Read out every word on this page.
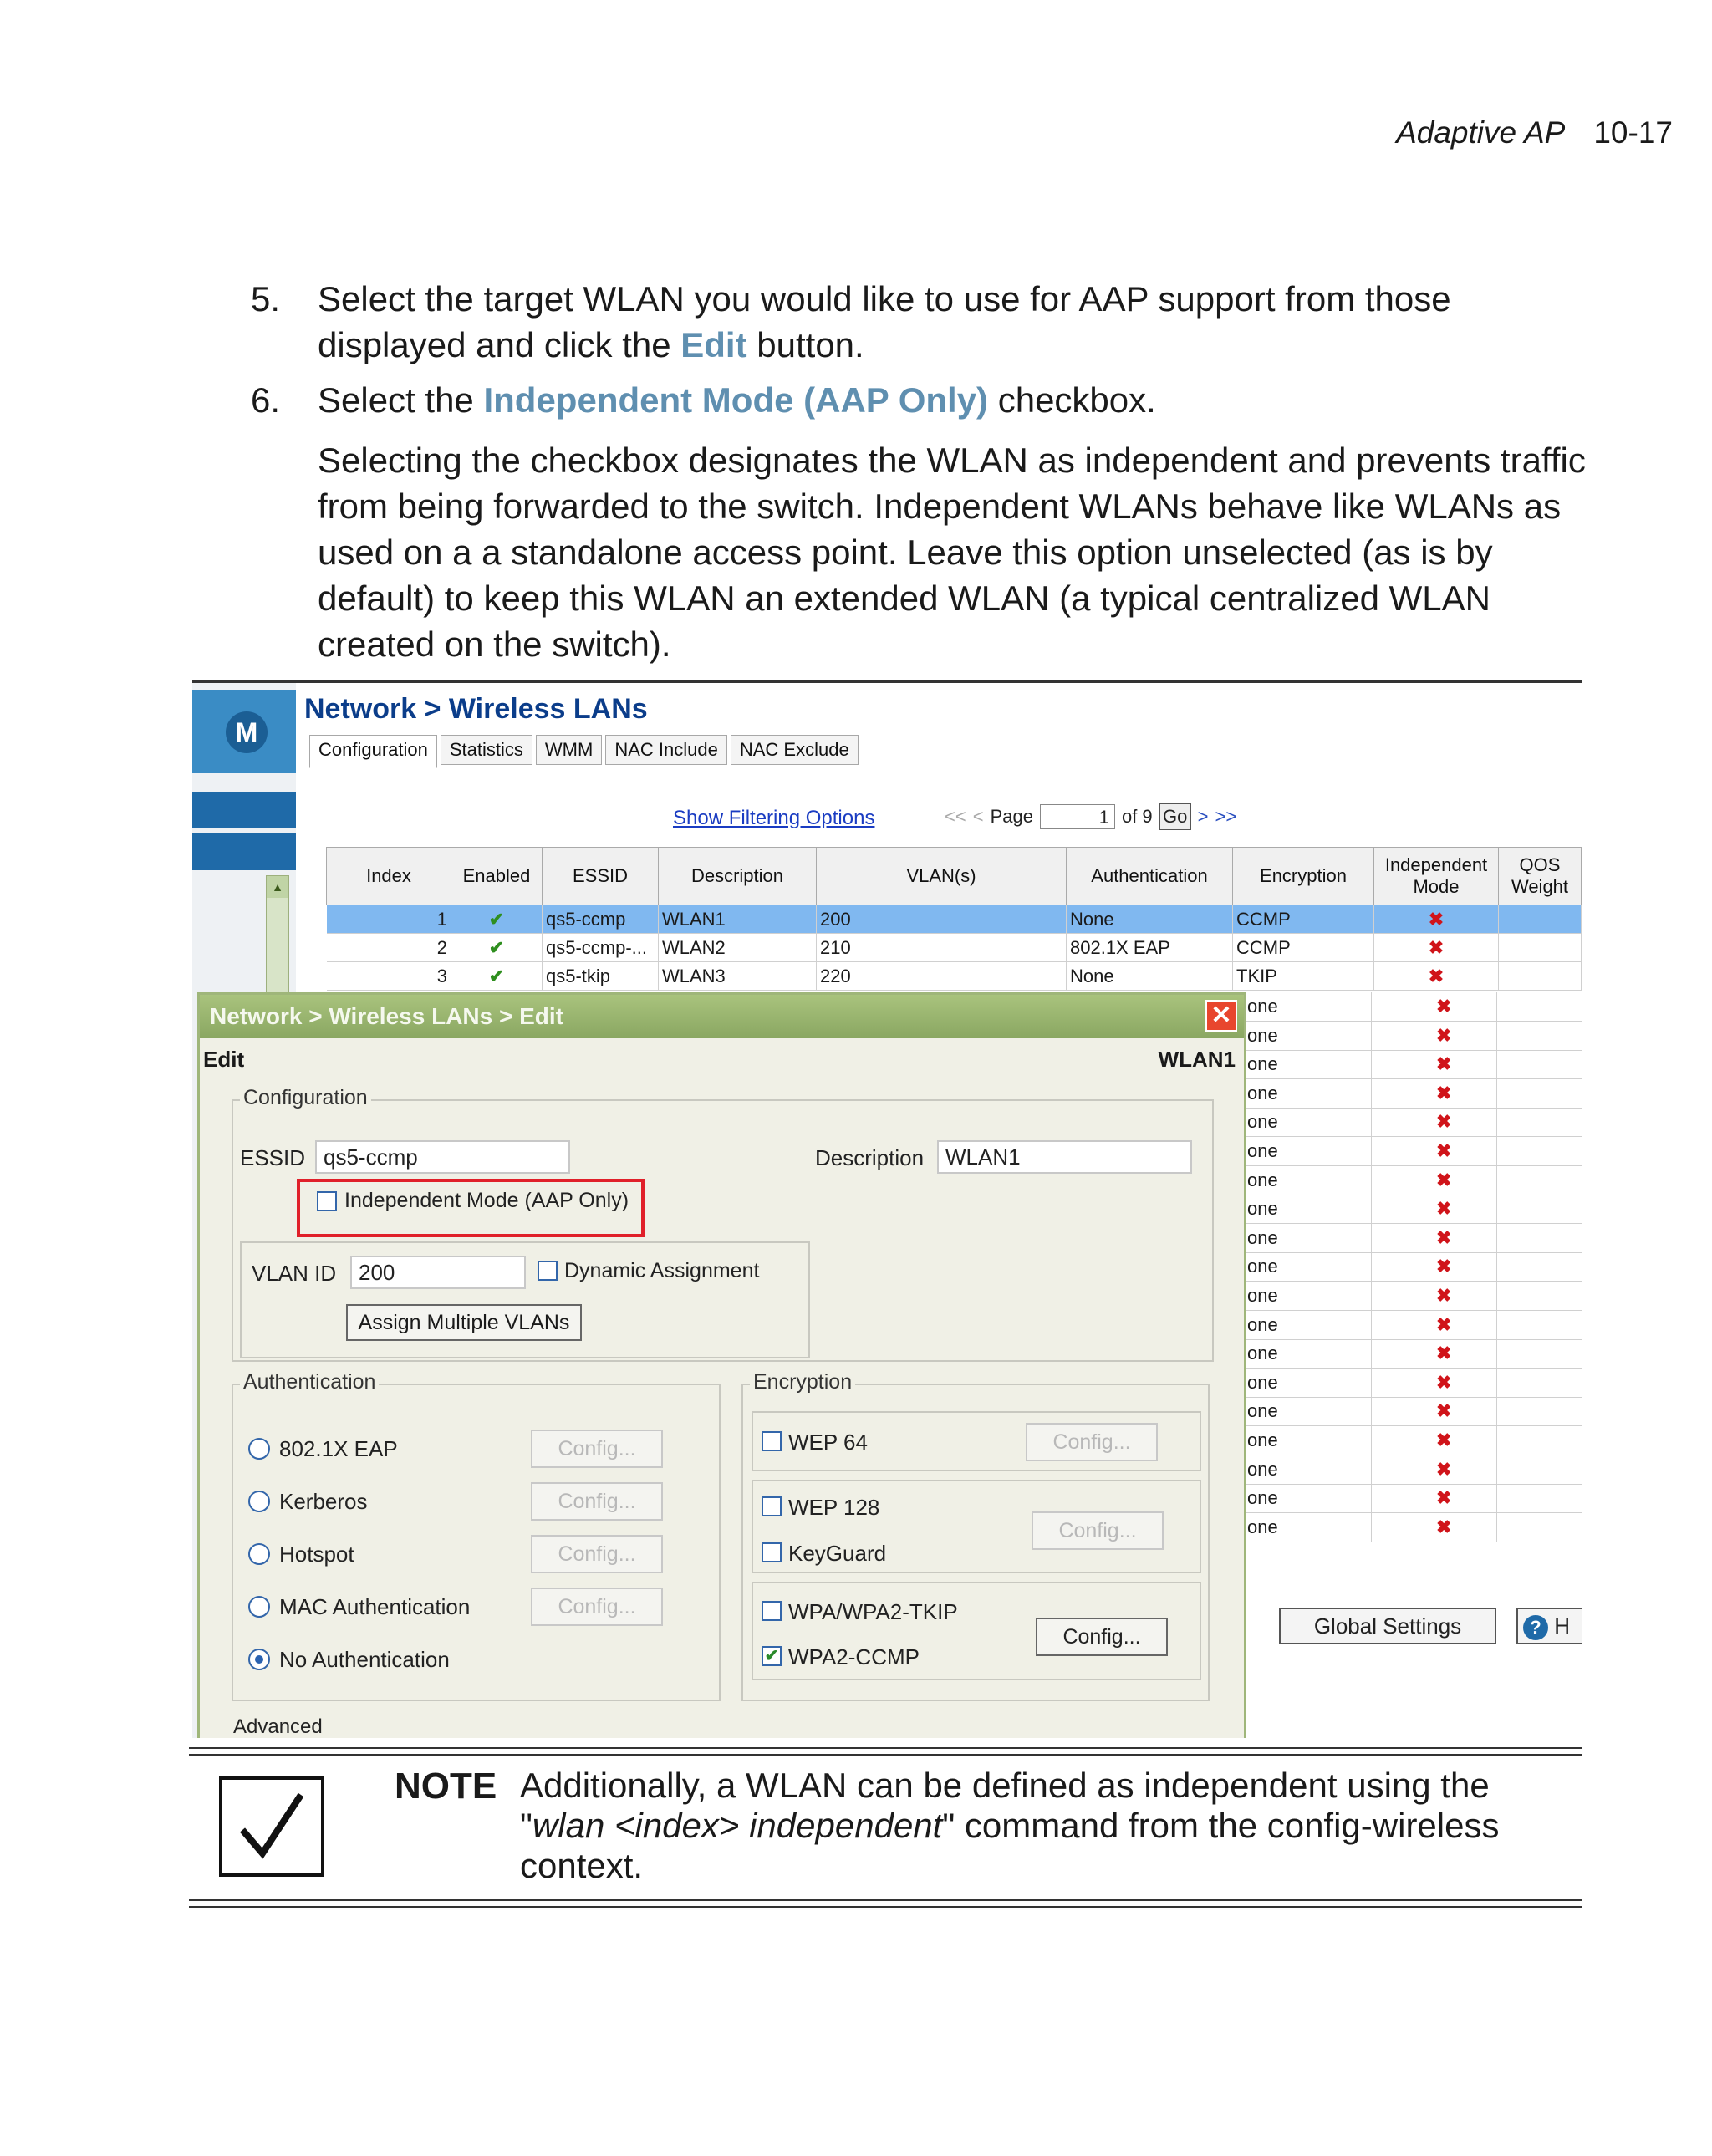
Adaptive AP 10-17
5. Select the target WLAN you would like to use for AAP support from those displayed and click the Edit button.
6. Select the Independent Mode (AAP Only) checkbox.
Selecting the checkbox designates the WLAN as independent and prevents traffic from being forwarded to the switch. Independent WLANs behave like WLANs as used on a a standalone access point. Leave this option unselected (as is by default) to keep this WLAN an extended WLAN (a typical centralized WLAN created on the switch).
M
▲
Network > Wireless LANs
Configuration Statistics WMM NAC Include NAC Exclude
Show Filtering Options	<< < Page	1 of 9 Go > >>
Index	Enabled	ESSID	Description	VLAN(s)	Authentication	Encryption	Independent Mode	QOS Weight
1	✔	qs5-ccmp	WLAN1	200	None	CCMP	✖	
2	✔	qs5-ccmp-...	WLAN2	210	802.1X EAP	CCMP	✖	
3	✔	qs5-tkip	WLAN3	220	None	TKIP	✖	
one	✖
one	✖
one	✖
one	✖
one	✖
one	✖
one	✖
one	✖
one	✖
one	✖
one	✖
one	✖
one	✖
one	✖
one	✖
one	✖
one	✖
one	✖
one	✖
Global Settings	? H
Network > Wireless LANs > Edit	✕
Edit	WLAN1
Configuration
ESSID qs5-ccmp	Description WLAN1
Independent Mode (AAP Only)
VLAN ID	200	Dynamic Assignment
Assign Multiple VLANs
Authentication
802.1X EAP	Config...
Kerberos	Config...
Hotspot	Config...
MAC Authentication	Config...
No Authentication
Encryption
WEP 64	Config...
WEP 128
KeyGuard
Config...
WPA/WPA2-TKIP
✔ WPA2-CCMP
Config...
Advanced
NOTE Additionally, a WLAN can be defined as independent using the
"wlan <index> independent" command from the config-wireless context.
